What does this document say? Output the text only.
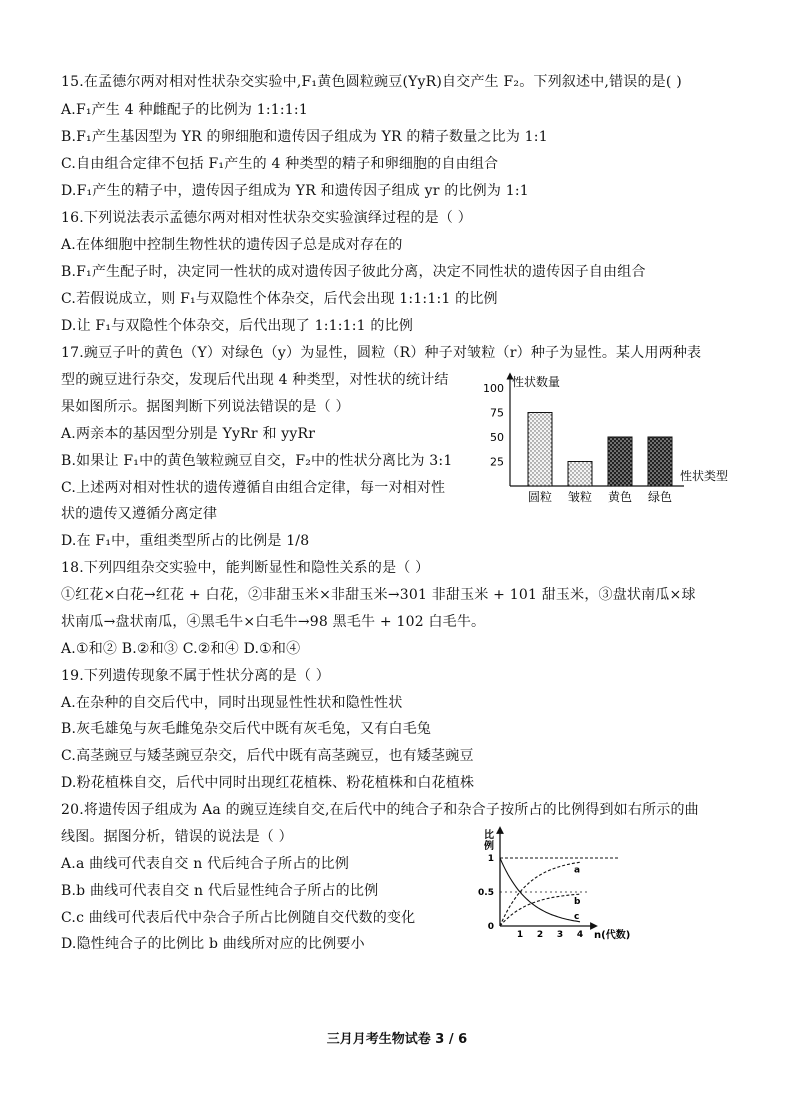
15.在孟德尔两对相对性状杂交实验中,F₁黄色圆粒豌豆(YyR)自交产生 F₂。下列叙述中,错误的是( )
A.F₁产生 4 种雌配子的比例为 1:1:1:1
B.F₁产生基因型为 YR 的卵细胞和遗传因子组成为 YR 的精子数量之比为 1:1
C.自由组合定律不包括 F₁产生的 4 种类型的精子和卵细胞的自由组合
D.F₁产生的精子中，遗传因子组成为 YR 和遗传因子组成 yr 的比例为 1:1
16.下列说法表示孟德尔两对相对性状杂交实验演绎过程的是（ ）
A.在体细胞中控制生物性状的遗传因子总是成对存在的
B.F₁产生配子时，决定同一性状的成对遗传因子彼此分离，决定不同性状的遗传因子自由组合
C.若假说成立，则 F₁与双隐性个体杂交，后代会出现 1:1:1:1 的比例
D.让 F₁与双隐性个体杂交，后代出现了 1:1:1:1 的比例
17.豌豆子叶的黄色（Y）对绿色（y）为显性，圆粒（R）种子对皱粒（r）种子为显性。某人用两种表
型的豌豆进行杂交，发现后代出现 4 种类型，对性状的统计结
果如图所示。据图判断下列说法错误的是（ ）
A.两亲本的基因型分别是 YyRr 和 yyRr
B.如果让 F₁中的黄色皱粒豌豆自交，F₂中的性状分离比为 3:1
C.上述两对相对性状的遗传遵循自由组合定律，每一对相对性
状的遗传又遵循分离定律
D.在 F₁中，重组类型所占的比例是 1/8
性状数量
性状类型
25
50
75
100
圆粒 皱粒 黄色 绿色
18.下列四组杂交实验中，能判断显性和隐性关系的是（ ）
①红花×白花→红花 + 白花，②非甜玉米×非甜玉米→301 非甜玉米 + 101 甜玉米，③盘状南瓜×球
状南瓜→盘状南瓜，④黑毛牛×白毛牛→98 黑毛牛 + 102 白毛牛。
A.①和② B.②和③ C.②和④ D.①和④
19.下列遗传现象不属于性状分离的是（ ）
A.在杂种的自交后代中，同时出现显性性状和隐性性状
B.灰毛雄兔与灰毛雌兔杂交后代中既有灰毛兔，又有白毛兔
C.高茎豌豆与矮茎豌豆杂交，后代中既有高茎豌豆，也有矮茎豌豆
D.粉花植株自交，后代中同时出现红花植株、粉花植株和白花植株
20.将遗传因子组成为 Aa 的豌豆连续自交,在后代中的纯合子和杂合子按所占的比例得到如右所示的曲
线图。据图分析，错误的说法是（ ）
A.a 曲线可代表自交 n 代后纯合子所占的比例
B.b 曲线可代表自交 n 代后显性纯合子所占的比例
C.c 曲线可代表后代中杂合子所占比例随自交代数的变化
D.隐性纯合子的比例比 b 曲线所对应的比例要小
比 例
n(代数)
1 2 3 4
0
0.5
1
a
b
c
三月月考生物试卷 3 / 6
